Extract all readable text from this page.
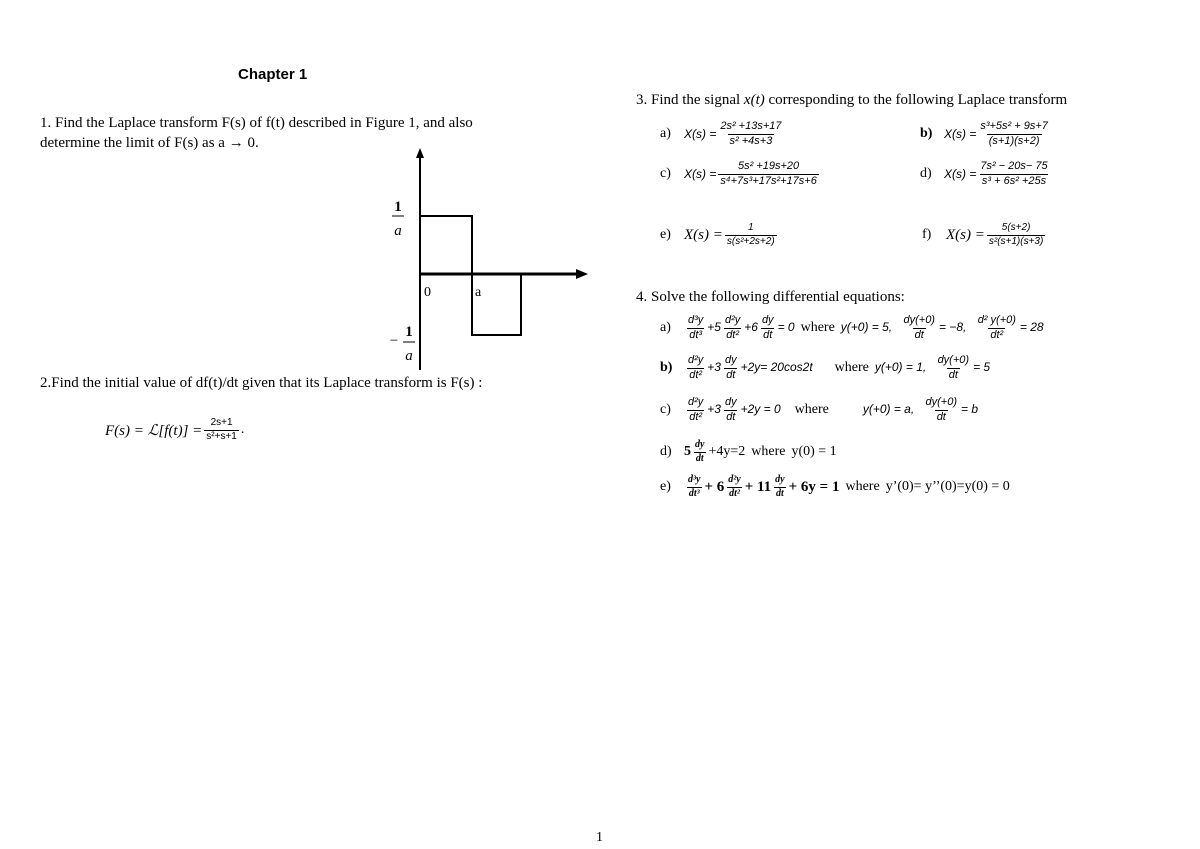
Chapter 1
1. Find the Laplace transform F(s) of f(t) described in Figure 1, and also
determine the limit of F(s) as a → 0.
1
a
−
1
a
0	a
2.Find the initial value of df(t)/dt given that its Laplace transform is F(s) :
F(s) = ℒ[f(t)] = $\frac{2s+1}{\text{s²+s+1}}$ .
3. Find the signal x(t) corresponding to the following Laplace transform
a)	$X(s) = \frac{\text{2s² +13s+17}}{\text{s² +4s+3}}$	b) $X(s) = \frac{\text{s³+5s² + 9s+7}}{(s+1)(s+2)}$
c)	$X(s) = \frac{\text{5s² +19s+20}}{\text{s⁴+7s³+17s²+17s+6}}$	d)	$X(s) = \frac{\text{7s² − 20s− 75}}{\text{s³ + 6s² +25s}}$
e) $X(s) = \frac{1}{\text{s(s²+2s+2)}}$	f) $X(s) = \frac{5(s+2)}{\text{s²(s+1)(s+3)}}$
4. Solve the following differential equations:
a)	$\frac{\text{d³y}}{\text{dt³}} +5 \frac{\text{d²y}}{\text{dt²}} +6 \frac{dy}{dt} = 0$ where y(+0) = 5, $\frac{dy(+0)}{dt} = -8$, $\frac{\text{d² y(+0)}}{\text{dt²}} = 28$
b)	$\frac{\text{d²y}}{\text{dt²}} +3 \frac{dy}{dt} +2y= 20\cos 2t$ where y(+0) = 1, $\frac{dy(+0)}{dt} = 5$
c)	$\frac{\text{d²y}}{\text{dt²}} +3 \frac{dy}{dt} +2y = 0$ where	y(+0) = a, $\frac{dy(+0)}{dt} = b$
d) $5 \frac{dy}{dt} +4y=2$ where y(0) = 1
e)	$\frac{\text{d³y}}{\text{dt³}} + 6 \frac{\text{d²y}}{\text{dt²}} + 11 \frac{dy}{dt} + 6y = 1$ where y’(0)= y’’(0)=y(0) = 0
1
